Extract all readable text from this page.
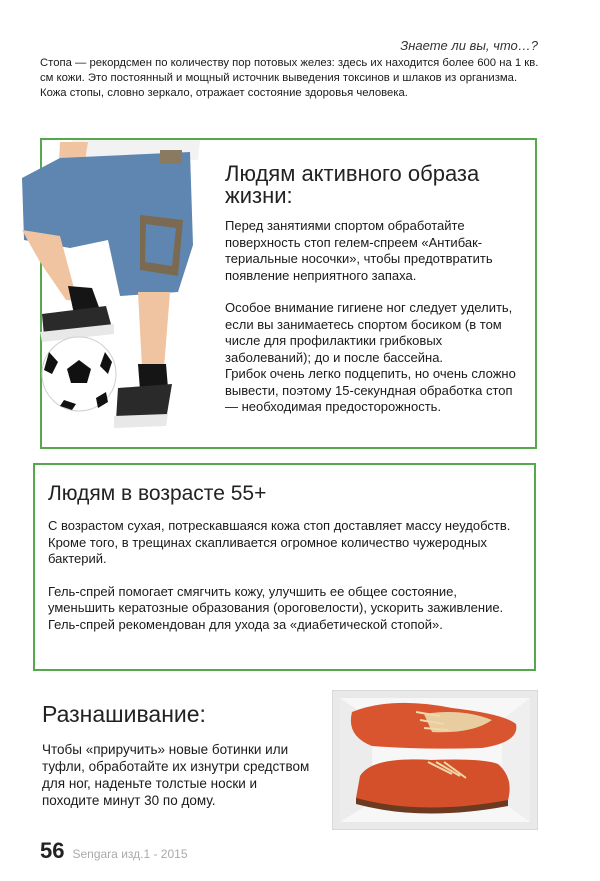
Знаете ли вы, что…?

Стопа — рекордсмен по количеству пор потовых желез: здесь их находится более 600 на 1 кв. см кожи. Это постоянный и мощный источник выведения токсинов и шлаков из организма.

Кожа стопы, словно зеркало, отражает состояние здоровья человека.

Людям активного образа жизни:

Перед занятиями спортом обработайте поверхность стоп гелем-спреем «Антибактериальные носочки», чтобы предотвратить появление неприятного запаха.

Особое внимание гигиене ног следует уделить, если вы занимаетесь спортом босиком (в том числе для профилактики грибковых заболеваний); до и после бассейна.

Грибок очень легко подцепить, но очень сложно вывести, поэтому 15-секундная обработка стоп — необходимая предосторожность.

Людям в возрасте 55+

С возрастом сухая, потрескавшаяся кожа стоп доставляет массу неудобств. Кроме того, в трещинах скапливается огромное количество чужеродных бактерий.

Гель-спрей помогает смягчить кожу, улучшить ее общее состояние, уменьшить кератозные образования (ороговелости), ускорить заживление.

Гель-спрей рекомендован для ухода за «диабетической стопой».

Разнашивание:

Чтобы «приручить» новые ботинки или туфли, обработайте их изнутри средством для ног, наденьте толстые носки и походите минут 30 по дому.

56 Sengara изд.1 - 2015
